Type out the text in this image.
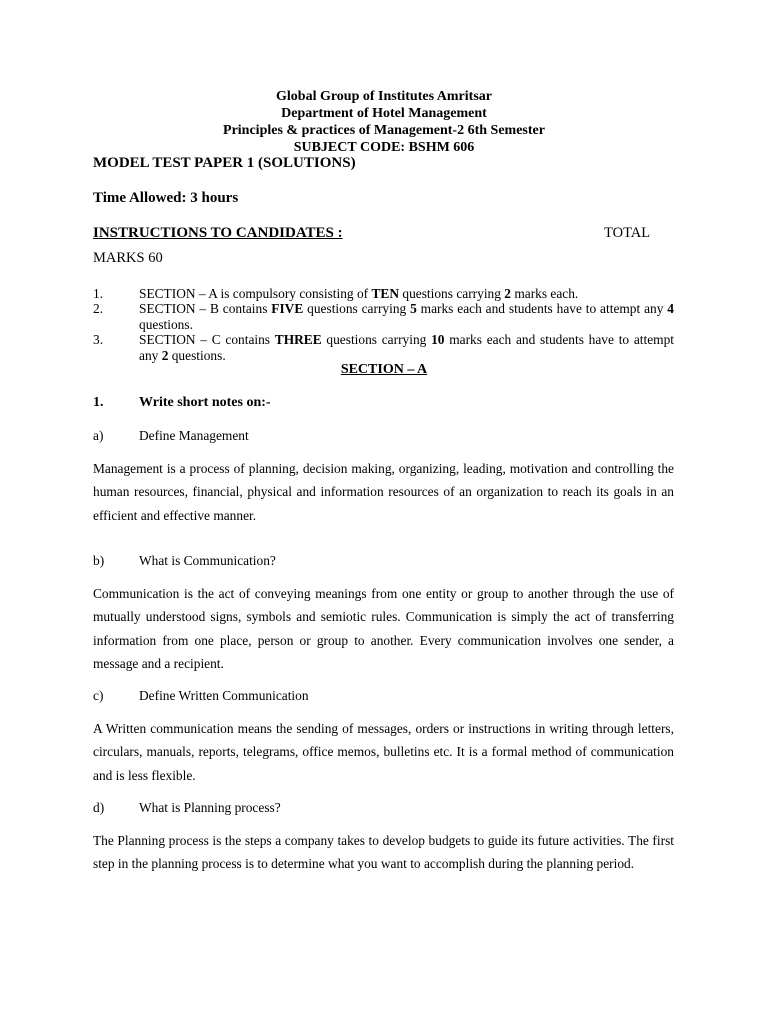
Global Group of Institutes Amritsar
Department of Hotel Management
Principles & practices of Management-2 6th Semester
SUBJECT CODE: BSHM 606
MODEL TEST PAPER 1 (SOLUTIONS)
Time Allowed: 3 hours
INSTRUCTIONS TO CANDIDATES :	TOTAL
MARKS 60
1.	SECTION – A is compulsory consisting of TEN questions carrying 2 marks each.
2.	SECTION – B contains FIVE questions carrying 5 marks each and students have to attempt any 4 questions.
3.	SECTION – C contains THREE questions carrying 10 marks each and students have to attempt any 2 questions.
SECTION – A
1.	Write short notes on:-
a)	Define Management
Management is a process of planning, decision making, organizing, leading, motivation and controlling the human resources, financial, physical and information resources of an organization to reach its goals in an efficient and effective manner.
b)	What is Communication?
Communication is the act of conveying meanings from one entity or group to another through the use of mutually understood signs, symbols and semiotic rules. Communication is simply the act of transferring information from one place, person or group to another. Every communication involves one sender, a message and a recipient.
c)	Define Written Communication
A Written communication means the sending of messages, orders or instructions in writing through letters, circulars, manuals, reports, telegrams, office memos, bulletins etc. It is a formal method of communication and is less flexible.
d)	What is Planning process?
The Planning process is the steps a company takes to develop budgets to guide its future activities. The first step in the planning process is to determine what you want to accomplish during the planning period.
